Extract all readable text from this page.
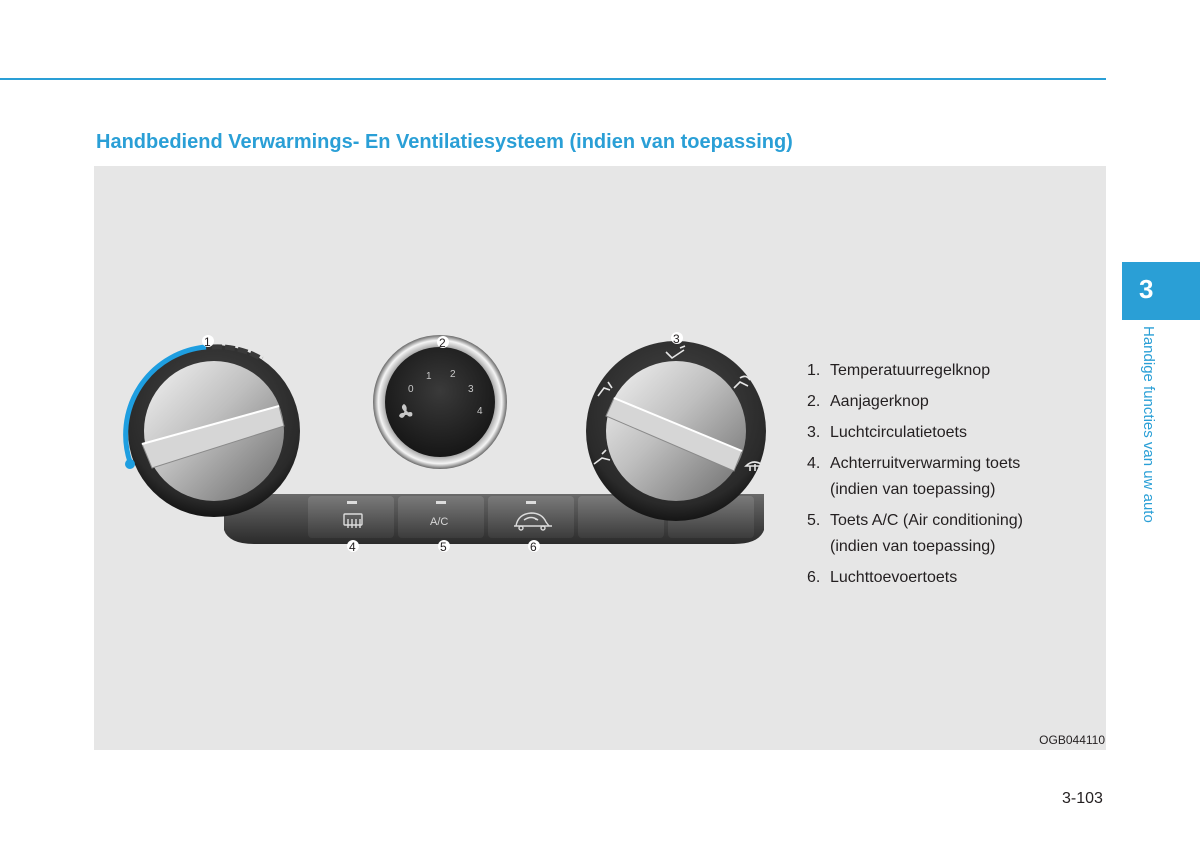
Handbediend Verwarmings- En Ventilatiesysteem (indien van toepassing)
A/C
0
1 2
3
4
1	2	3
4	5	6
1. Temperatuurregelknop
2. Aanjagerknop
3. Luchtcirculatietoets
4. Achterruitverwarming toets (indien van toepassing)
5. Toets A/C (Air conditioning) (indien van toepassing)
6. Luchttoevoertoets
OGB044110
3
Handige functies van uw auto
3-103
